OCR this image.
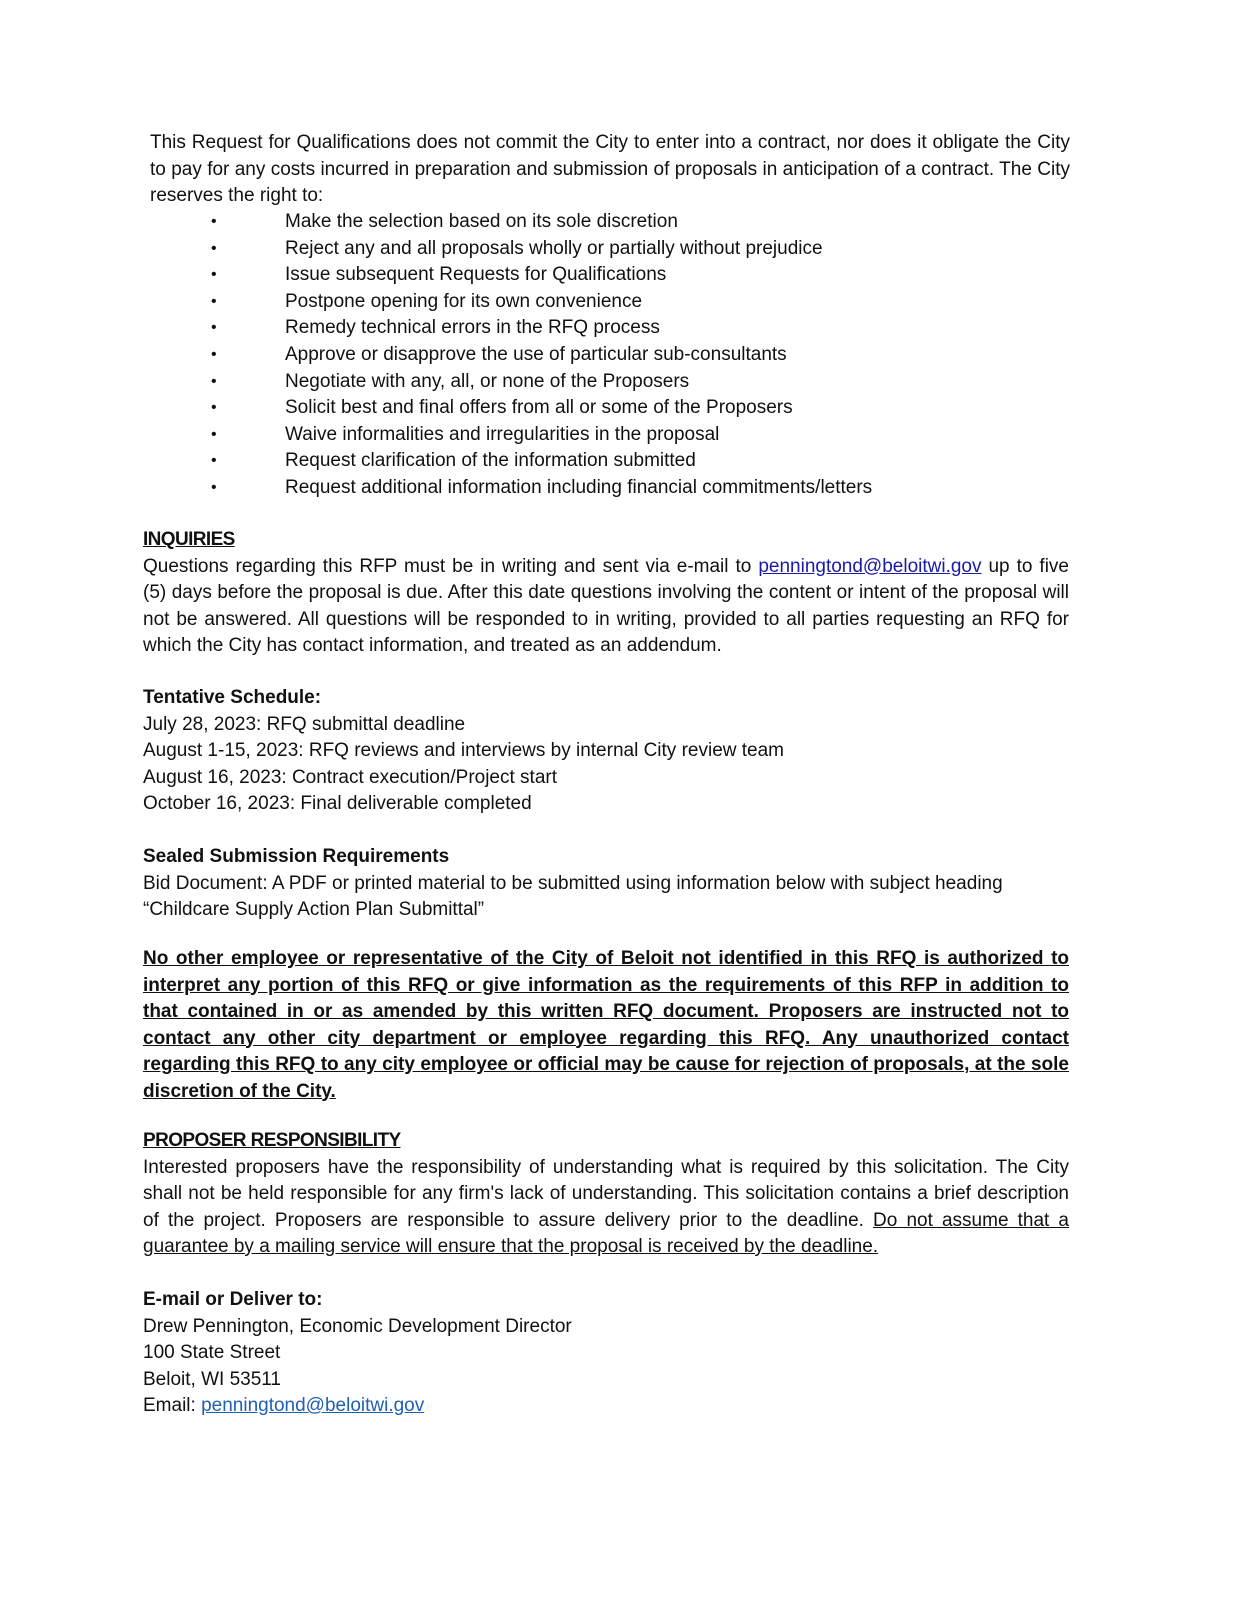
This Request for Qualifications does not commit the City to enter into a contract, nor does it obligate the City to pay for any costs incurred in preparation and submission of proposals in anticipation of a contract. The City reserves the right to:
•	Make the selection based on its sole discretion
•	Reject any and all proposals wholly or partially without prejudice
•	Issue subsequent Requests for Qualifications
•	Postpone opening for its own convenience
•	Remedy technical errors in the RFQ process
•	Approve or disapprove the use of particular sub-consultants
•	Negotiate with any, all, or none of the Proposers
•	Solicit best and final offers from all or some of the Proposers
•	Waive informalities and irregularities in the proposal
•	Request clarification of the information submitted
•	Request additional information including financial commitments/letters
INQUIRIES
Questions regarding this RFP must be in writing and sent via e-mail to penningtond@beloitwi.gov up to five (5) days before the proposal is due. After this date questions involving the content or intent of the proposal will not be answered. All questions will be responded to in writing, provided to all parties requesting an RFQ for which the City has contact information, and treated as an addendum.
Tentative Schedule:
July 28, 2023: RFQ submittal deadline
August 1-15, 2023: RFQ reviews and interviews by internal City review team
August 16, 2023: Contract execution/Project start
October 16, 2023: Final deliverable completed
Sealed Submission Requirements
Bid Document: A PDF or printed material to be submitted using information below with subject heading “Childcare Supply Action Plan Submittal”
No other employee or representative of the City of Beloit not identified in this RFQ is authorized to interpret any portion of this RFQ or give information as the requirements of this RFP in addition to that contained in or as amended by this written RFQ document. Proposers are instructed not to contact any other city department or employee regarding this RFQ. Any unauthorized contact regarding this RFQ to any city employee or official may be cause for rejection of proposals, at the sole discretion of the City.
PROPOSER RESPONSIBILITY
Interested proposers have the responsibility of understanding what is required by this solicitation. The City shall not be held responsible for any firm's lack of understanding. This solicitation contains a brief description of the project. Proposers are responsible to assure delivery prior to the deadline. Do not assume that a guarantee by a mailing service will ensure that the proposal is received by the deadline.
E-mail or Deliver to:
Drew Pennington, Economic Development Director
100 State Street
Beloit, WI 53511
Email: penningtond@beloitwi.gov
